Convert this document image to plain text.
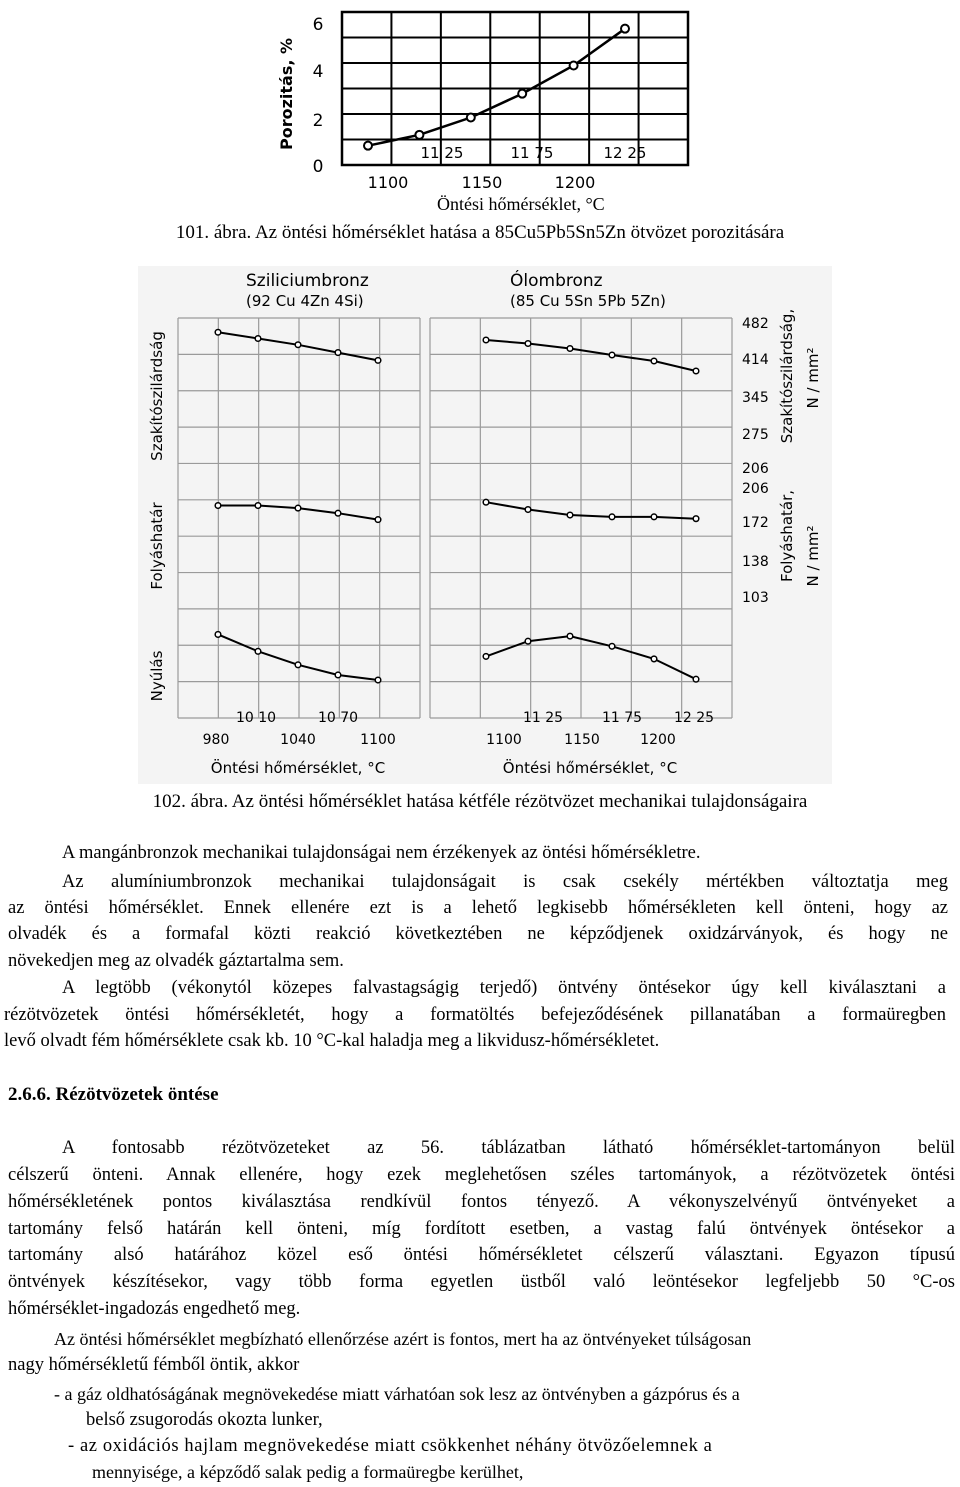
Porozitás, %
6
4
2
0
11 25	11 75	12 25
1100	1150	1200
Öntési hőmérséklet, °C
101. ábra. Az öntési hőmérséklet hatása a 85Cu5Pb5Sn5Zn ötvözet porozitására
Sziliciumbronz
(92 Cu 4Zn 4Si)
Ólombronz
(85 Cu 5Sn 5Pb 5Zn)
Szakítószilárdság
Folyáshatár
Nyúlás
482
414
345
275
206
206
172
138
103
Szakítószilárdság, N / mm²
Folyáshatár, N / mm²
10 10	10 70
980	1040	1100
Öntési hőmérséklet, °C
11 25	11 75 12 25
1100	1150	1200
Öntési hőmérséklet, °C
102. ábra. Az öntési hőmérséklet hatása kétféle rézötvözet mechanikai tulajdonságaira
A mangánbronzok mechanikai tulajdonságai nem érzékenyek az öntési hőmérsékletre.
Az alumíniumbronzok mechanikai tulajdonságait is csak csekély mértékben változtatja meg
az öntési hőmérséklet. Ennek ellenére ezt is a lehető legkisebb hőmérsékleten kell önteni, hogy az
olvadék és a formafal közti reakció következtében ne képződjenek oxidzárványok, és hogy ne
növekedjen meg az olvadék gáztartalma sem.
A legtöbb (vékonytól közepes falvastagságig terjedő) öntvény öntésekor úgy kell kiválasztani a
rézötvözetek öntési hőmérsékletét, hogy a formatöltés befejeződésének pillanatában a formaüregben
levő olvadt fém hőmérséklete csak kb. 10 °C-kal haladja meg a likvidusz-hőmérsékletet.
2.6.6. Rézötvözetek öntése
A fontosabb rézötvözeteket az 56. táblázatban látható hőmérséklet-tartományon belül
célszerű önteni. Annak ellenére, hogy ezek meglehetősen széles tartományok, a rézötvözetek öntési
hőmérsékletének pontos kiválasztása rendkívül fontos tényező. A vékonyszelvényű öntvényeket a
tartomány felső határán kell önteni, míg fordított esetben, a vastag falú öntvények öntésekor a
tartomány alsó határához közel eső öntési hőmérsékletet célszerű választani. Egyazon típusú
öntvények készítésekor, vagy több forma egyetlen üstből való leöntésekor legfeljebb 50 °C-os
hőmérséklet-ingadozás engedhető meg.
Az öntési hőmérséklet megbízható ellenőrzése azért is fontos, mert ha az öntvényeket túlságosan
nagy hőmérsékletű fémből öntik, akkor
- a gáz oldhatóságának megnövekedése miatt várhatóan sok lesz az öntvényben a gázpórus és a
belső zsugorodás okozta lunker,
- az oxidációs hajlam megnövekedése miatt csökkenhet néhány ötvözőelemnek a
mennyisége, a képződő salak pedig a formaüregbe kerülhet,
